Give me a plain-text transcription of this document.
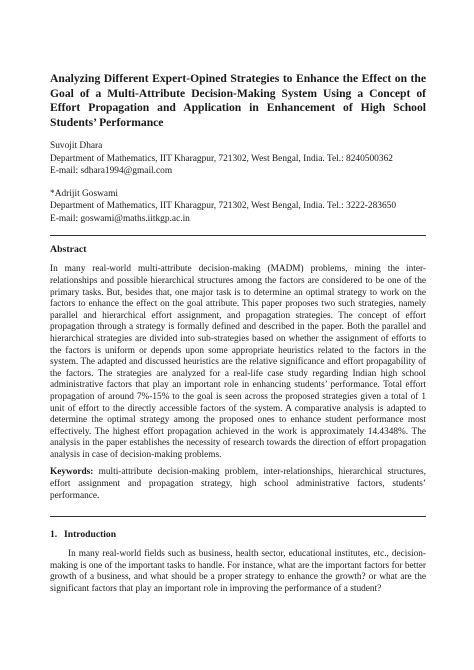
Analyzing Different Expert-Opined Strategies to Enhance the Effect on the Goal of a Multi-Attribute Decision-Making System Using a Concept of Effort Propagation and Application in Enhancement of High School Students’ Performance
Suvojit Dhara
Department of Mathematics, IIT Kharagpur, 721302, West Bengal, India. Tel.: 8240500362
E-mail: sdhara1994@gmail.com
*Adrijit Goswami
Department of Mathematics, IIT Kharagpur, 721302, West Bengal, India. Tel.: 3222-283650
E-mail: goswami@maths.iitkgp.ac.in
Abstract

In many real-world multi-attribute decision-making (MADM) problems, mining the inter-relationships and possible hierarchical structures among the factors are considered to be one of the primary tasks. But, besides that, one major task is to determine an optimal strategy to work on the factors to enhance the effect on the goal attribute. This paper proposes two such strategies, namely parallel and hierarchical effort assignment, and propagation strategies. The concept of effort propagation through a strategy is formally defined and described in the paper. Both the parallel and hierarchical strategies are divided into sub-strategies based on whether the assignment of efforts to the factors is uniform or depends upon some appropriate heuristics related to the factors in the system. The adapted and discussed heuristics are the relative significance and effort propagability of the factors. The strategies are analyzed for a real-life case study regarding Indian high school administrative factors that play an important role in enhancing students’ performance. Total effort propagation of around 7%-15% to the goal is seen across the proposed strategies given a total of 1 unit of effort to the directly accessible factors of the system. A comparative analysis is adapted to determine the optimal strategy among the proposed ones to enhance student performance most effectively. The highest effort propagation achieved in the work is approximately 14.4348%. The analysis in the paper establishes the necessity of research towards the direction of effort propagation analysis in case of decision-making problems.

Keywords: multi-attribute decision-making problem, inter-relationships, hierarchical structures, effort assignment and propagation strategy, high school administrative factors, students’ performance.

1. Introduction

In many real-world fields such as business, health sector, educational institutes, etc., decision-making is one of the important tasks to handle. For instance, what are the important factors for better growth of a business, and what should be a proper strategy to enhance the growth? or what are the significant factors that play an important role in improving the performance of a student?
